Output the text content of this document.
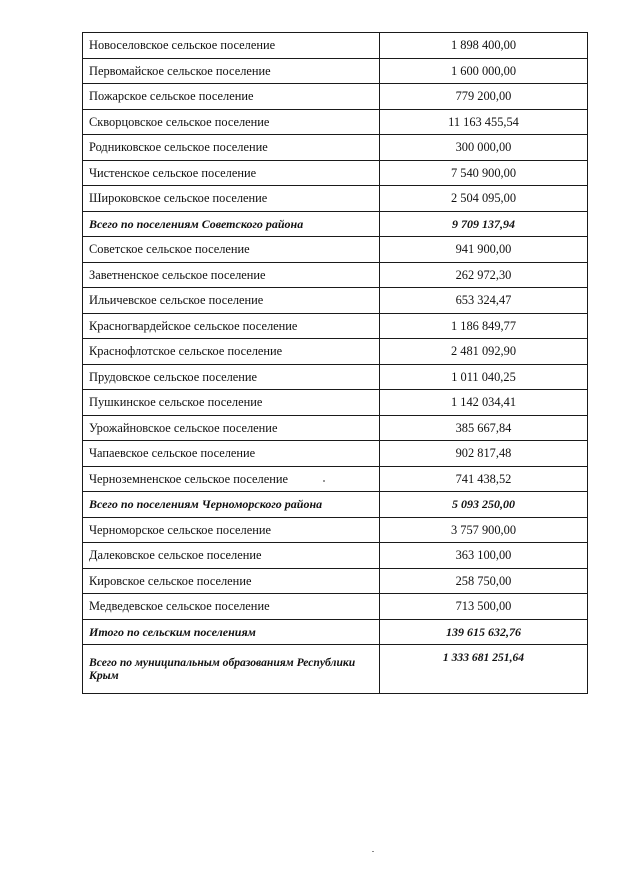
Новоселовское сельское поселение	1 898 400,00
Первомайское сельское поселение	1 600 000,00
Пожарское сельское поселение	779 200,00
Скворцовское сельское поселение	11 163 455,54
Родниковское сельское поселение	300 000,00
Чистенское сельское поселение	7 540 900,00
Широковское сельское поселение	2 504 095,00
Всего по поселениям Советского района	9 709 137,94
Советское сельское поселение	941 900,00
Заветненское сельское поселение	262 972,30
Ильичевское сельское поселение	653 324,47
Красногвардейское сельское поселение	1 186 849,77
Краснофлотское сельское поселение	2 481 092,90
Прудовское сельское поселение	1 011 040,25
Пушкинское сельское поселение	1 142 034,41
Урожайновское сельское поселение	385 667,84
Чапаевское сельское поселение	902 817,48
Черноземненское сельское поселение	741 438,52
Всего по поселениям Черноморского района	5 093 250,00
Черноморское сельское поселение	3 757 900,00
Далековское сельское поселение	363 100,00
Кировское сельское поселение	258 750,00
Медведевское сельское поселение	713 500,00
Итого по сельским поселениям	139 615 632,76
Всего по муниципальным образованиям Республики Крым	1 333 681 251,64
